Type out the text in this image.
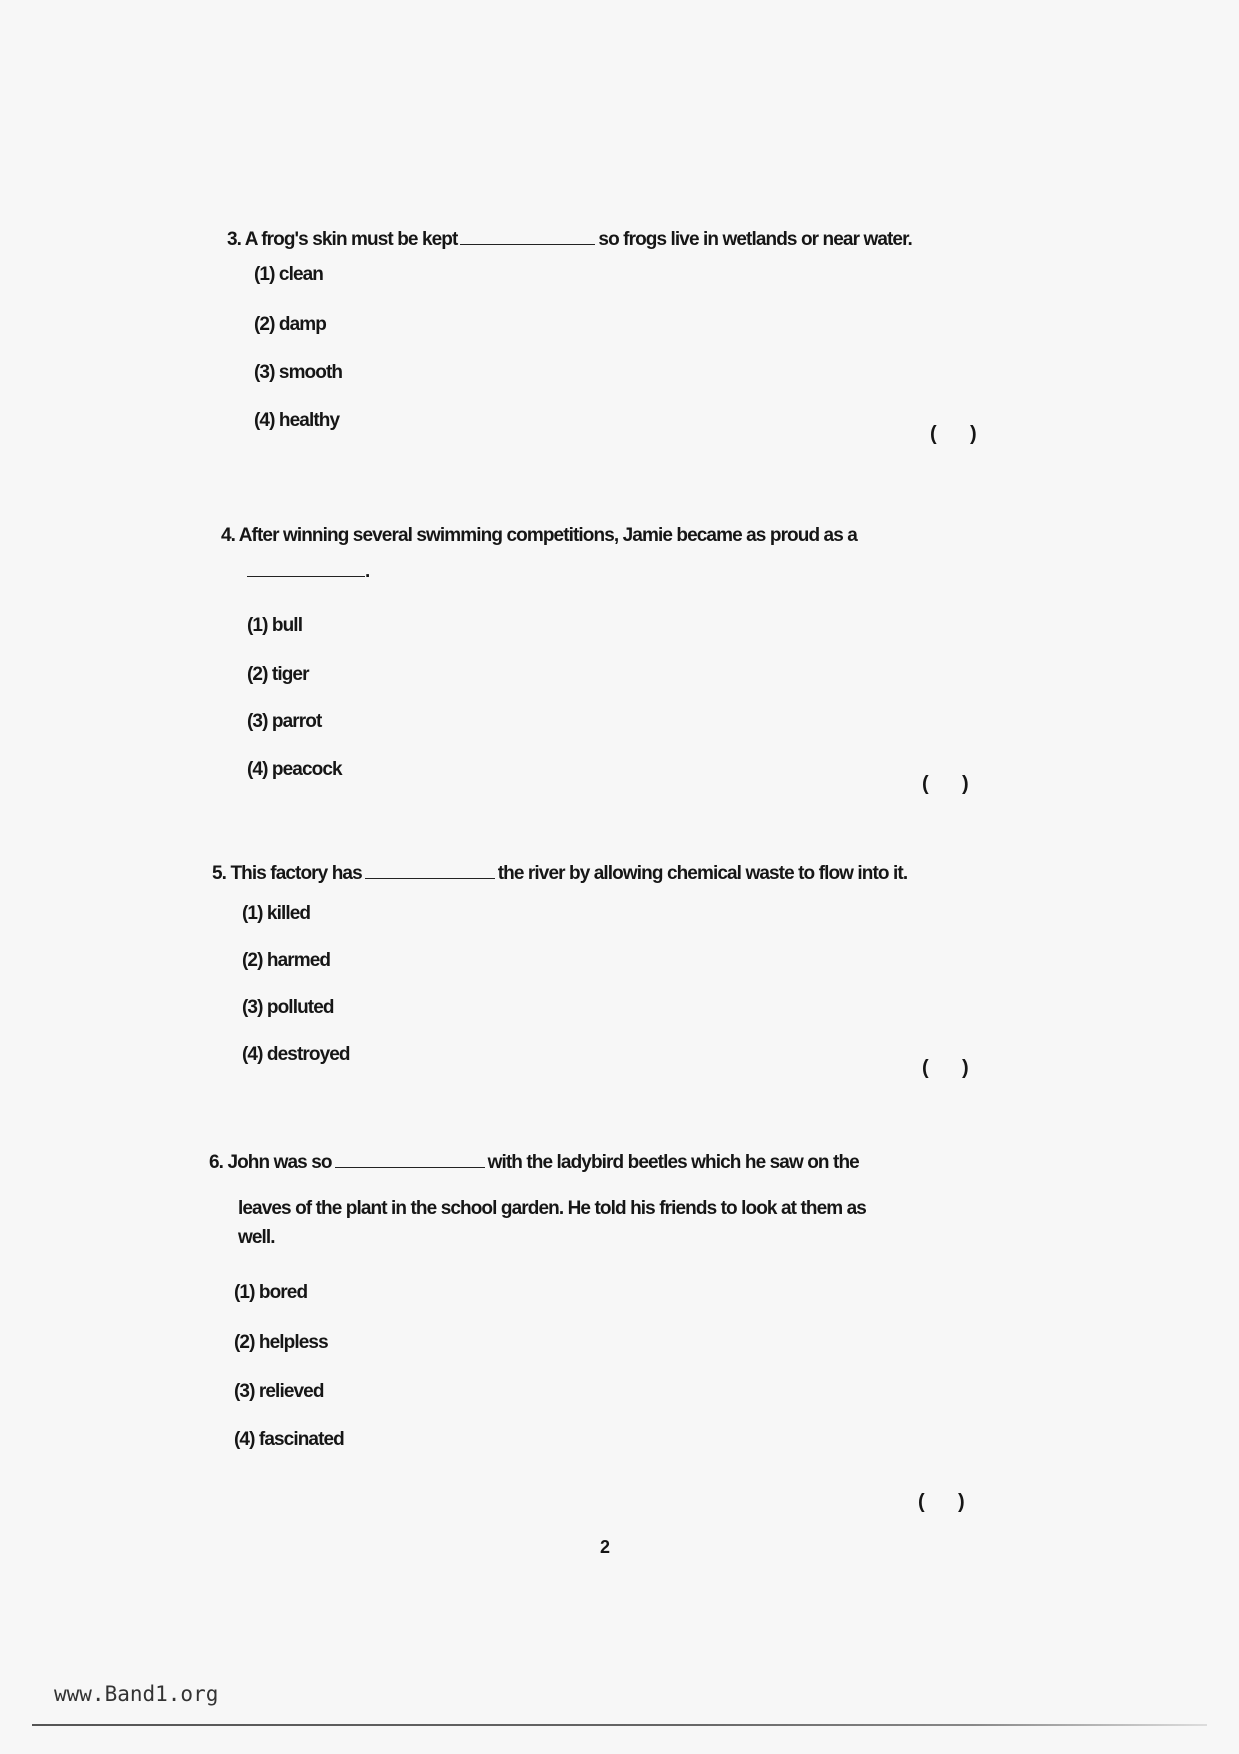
3. A frog's skin must be kept	so frogs live in wetlands or near water.
(1) clean
(2) damp
(3) smooth
(4) healthy
(      )
4. After winning several swimming competitions, Jamie became as proud as a
.
(1) bull
(2) tiger
(3) parrot
(4) peacock
(      )
5. This factory has	the river by allowing chemical waste to flow into it.
(1) killed
(2) harmed
(3) polluted
(4) destroyed
(      )
6. John was so	with the ladybird beetles which he saw on the
leaves of the plant in the school garden. He told his friends to look at them as
well.
(1) bored
(2) helpless
(3) relieved
(4) fascinated
(      )
2
www.Band1.org
